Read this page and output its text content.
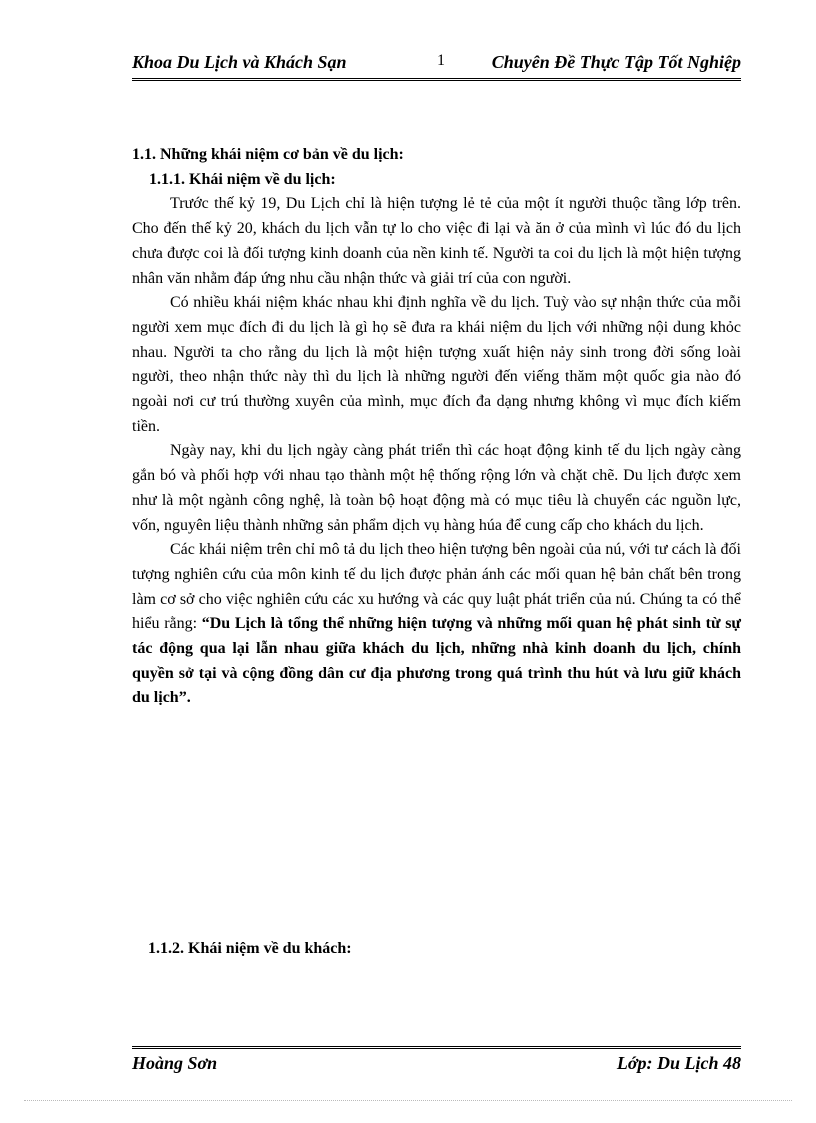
Khoa Du Lịch và Khách Sạn	1	Chuyên Đề Thực Tập Tốt Nghiệp

1.1. Những khái niệm cơ bản về du lịch:

1.1.1. Khái niệm về du lịch:

Trước thế kỷ 19, Du Lịch chỉ là hiện tượng lẻ tẻ của một ít người thuộc tầng lớp trên. Cho đến thế kỷ 20, khách du lịch vẫn tự lo cho việc đi lại và ăn ở của mình vì lúc đó du lịch chưa được coi là đối tượng kinh doanh của nền kinh tế. Người ta coi du lịch là một hiện tượng nhân văn nhằm đáp ứng nhu cầu nhận thức và giải trí của con người.

Có nhiều khái niệm khác nhau khi định nghĩa về du lịch. Tuỳ vào sự nhận thức của mỗi người xem mục đích đi du lịch là gì họ sẽ đưa ra khái niệm du lịch với những nội dung khỏc nhau. Người ta cho rằng du lịch là một hiện tượng xuất hiện nảy sinh trong đời sống loài người, theo nhận thức này thì du lịch là những người đến viếng thăm một quốc gia nào đó ngoài nơi cư trú thường xuyên của mình, mục đích đa dạng nhưng không vì mục đích kiếm tiền.

Ngày nay, khi du lịch ngày càng phát triển thì các hoạt động kinh tế du lịch ngày càng gắn bó và phối hợp với nhau tạo thành một hệ thống rộng lớn và chặt chẽ. Du lịch được xem như là một ngành công nghệ, là toàn bộ hoạt động mà có mục tiêu là chuyển các nguồn lực, vốn, nguyên liệu thành những sản phẩm dịch vụ hàng húa để cung cấp cho khách du lịch.

Các khái niệm trên chỉ mô tả du lịch theo hiện tượng bên ngoài của nú, với tư cách là đối tượng nghiên cứu của môn kinh tế du lịch được phản ánh các mối quan hệ bản chất bên trong làm cơ sở cho việc nghiên cứu các xu hướng và các quy luật phát triển của nú. Chúng ta có thể hiểu rằng: “Du Lịch là tổng thể những hiện tượng và những mối quan hệ phát sinh từ sự tác động qua lại lẫn nhau giữa khách du lịch, những nhà kinh doanh du lịch, chính quyền sở tại và cộng đồng dân cư địa phương trong quá trình thu hút và lưu giữ khách du lịch”.

1.1.2. Khái niệm về du khách:
Hoàng Sơn	Lớp: Du Lịch 48
